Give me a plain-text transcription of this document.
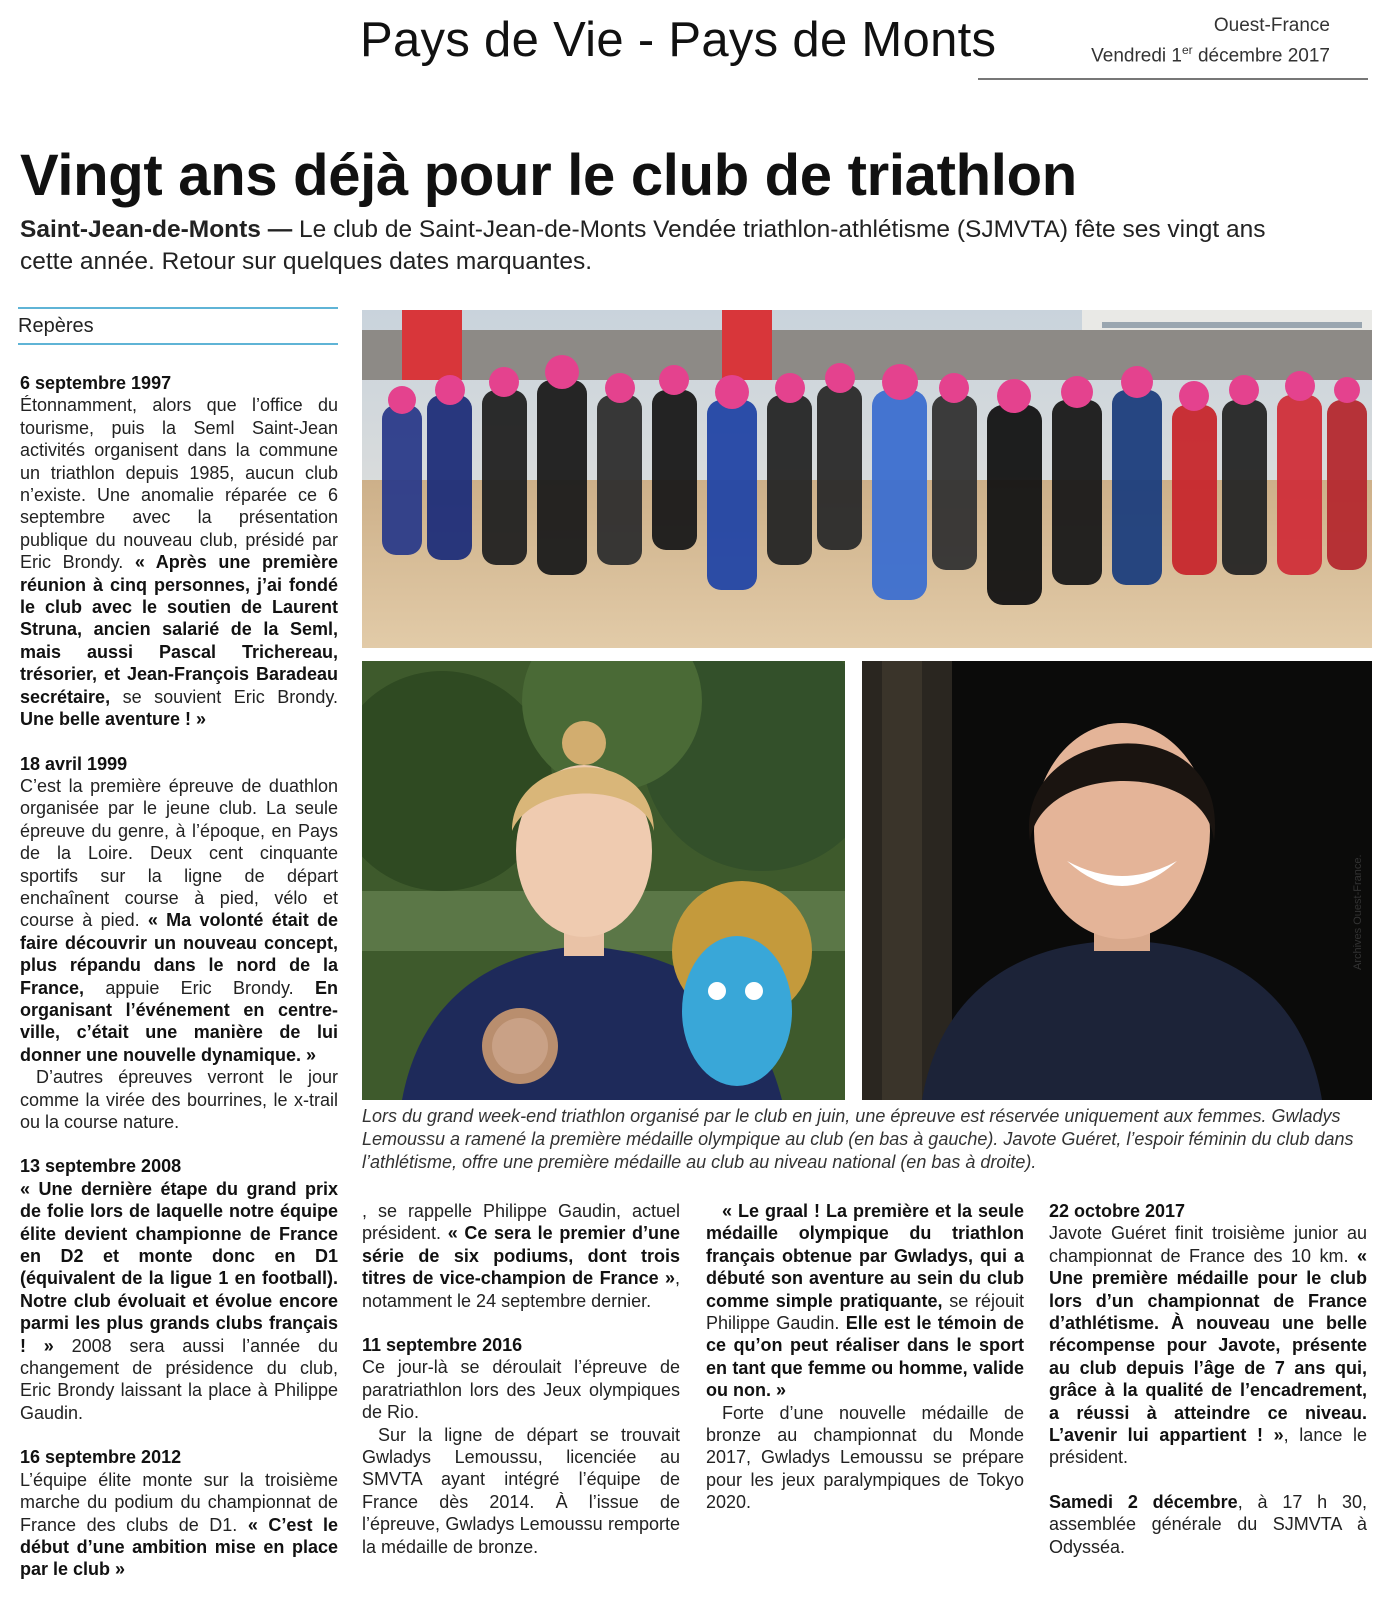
Pays de Vie - Pays de Monts	Ouest-France
Vendredi 1er décembre 2017
Vingt ans déjà pour le club de triathlon
Saint-Jean-de-Monts — Le club de Saint-Jean-de-Monts Vendée triathlon-athlétisme (SJMVTA) fête ses vingt ans cette année. Retour sur quelques dates marquantes.
Repères

6 septembre 1997

Étonnamment, alors que l’office du tourisme, puis la Seml Saint-Jean activités organisent dans la commune un triathlon depuis 1985, aucun club n’existe. Une anomalie réparée ce 6 septembre avec la présentation publique du nouveau club, présidé par Eric Brondy. « Après une première réunion à cinq personnes, j’ai fondé le club avec le soutien de Laurent Struna, ancien salarié de la Seml, mais aussi Pascal Trichereau, trésorier, et Jean-François Baradeau secrétaire, se souvient Eric Brondy. Une belle aventure ! »

18 avril 1999

C’est la première épreuve de duathlon organisée par le jeune club. La seule épreuve du genre, à l’époque, en Pays de la Loire. Deux cent cinquante sportifs sur la ligne de départ enchaînent course à pied, vélo et course à pied. « Ma volonté était de faire découvrir un nouveau concept, plus répandu dans le nord de la France, appuie Eric Brondy. En organisant l’événement en centre-ville, c’était une manière de lui donner une nouvelle dynamique. »

D’autres épreuves verront le jour comme la virée des bourrines, le x-trail ou la course nature.

13 septembre 2008

« Une dernière étape du grand prix de folie lors de laquelle notre équipe élite devient championne de France en D2 et monte donc en D1 (équivalent de la ligue 1 en football). Notre club évoluait et évolue encore parmi les plus grands clubs français ! » 2008 sera aussi l’année du changement de présidence du club, Eric Brondy laissant la place à Philippe Gaudin.

16 septembre 2012

L’équipe élite monte sur la troisième marche du podium du championnat de France des clubs de D1. « C’est le début d’une ambition mise en place par le club »

, se rappelle Philippe Gaudin, actuel président. « Ce sera le premier d’une série de six podiums, dont trois titres de vice-champion de France », notamment le 24 septembre dernier.

11 septembre 2016

Ce jour-là se déroulait l’épreuve de paratriathlon lors des Jeux olympiques de Rio.

Sur la ligne de départ se trouvait Gwladys Lemoussu, licenciée au SMVTA ayant intégré l’équipe de France dès 2014. À l’issue de l’épreuve, Gwladys Lemoussu remporte la médaille de bronze.

« Le graal ! La première et la seule médaille olympique du triathlon français obtenue par Gwladys, qui a débuté son aventure au sein du club comme simple pratiquante, se réjouit Philippe Gaudin. Elle est le témoin de ce qu’on peut réaliser dans le sport en tant que femme ou homme, valide ou non. »

Forte d’une nouvelle médaille de bronze au championnat du Monde 2017, Gwladys Lemoussu se prépare pour les jeux paralympiques de Tokyo 2020.

22 octobre 2017

Javote Guéret finit troisième junior au championnat de France des 10 km. « Une première médaille pour le club lors d’un championnat de France d’athlétisme. À nouveau une belle récompense pour Javote, présente au club depuis l’âge de 7 ans qui, grâce à la qualité de l’encadrement, a réussi à atteindre ce niveau. L’avenir lui appartient ! », lance le président.

Samedi 2 décembre, à 17 h 30, assemblée générale du SJMVTA à Odysséa.

Archives Ouest-France.
Lors du grand week-end triathlon organisé par le club en juin, une épreuve est réservée uniquement aux femmes. Gwladys Lemoussu a ramené la première médaille olympique au club (en bas à gauche). Javote Guéret, l’espoir féminin du club dans l’athlétisme, offre une première médaille au club au niveau national (en bas à droite).
